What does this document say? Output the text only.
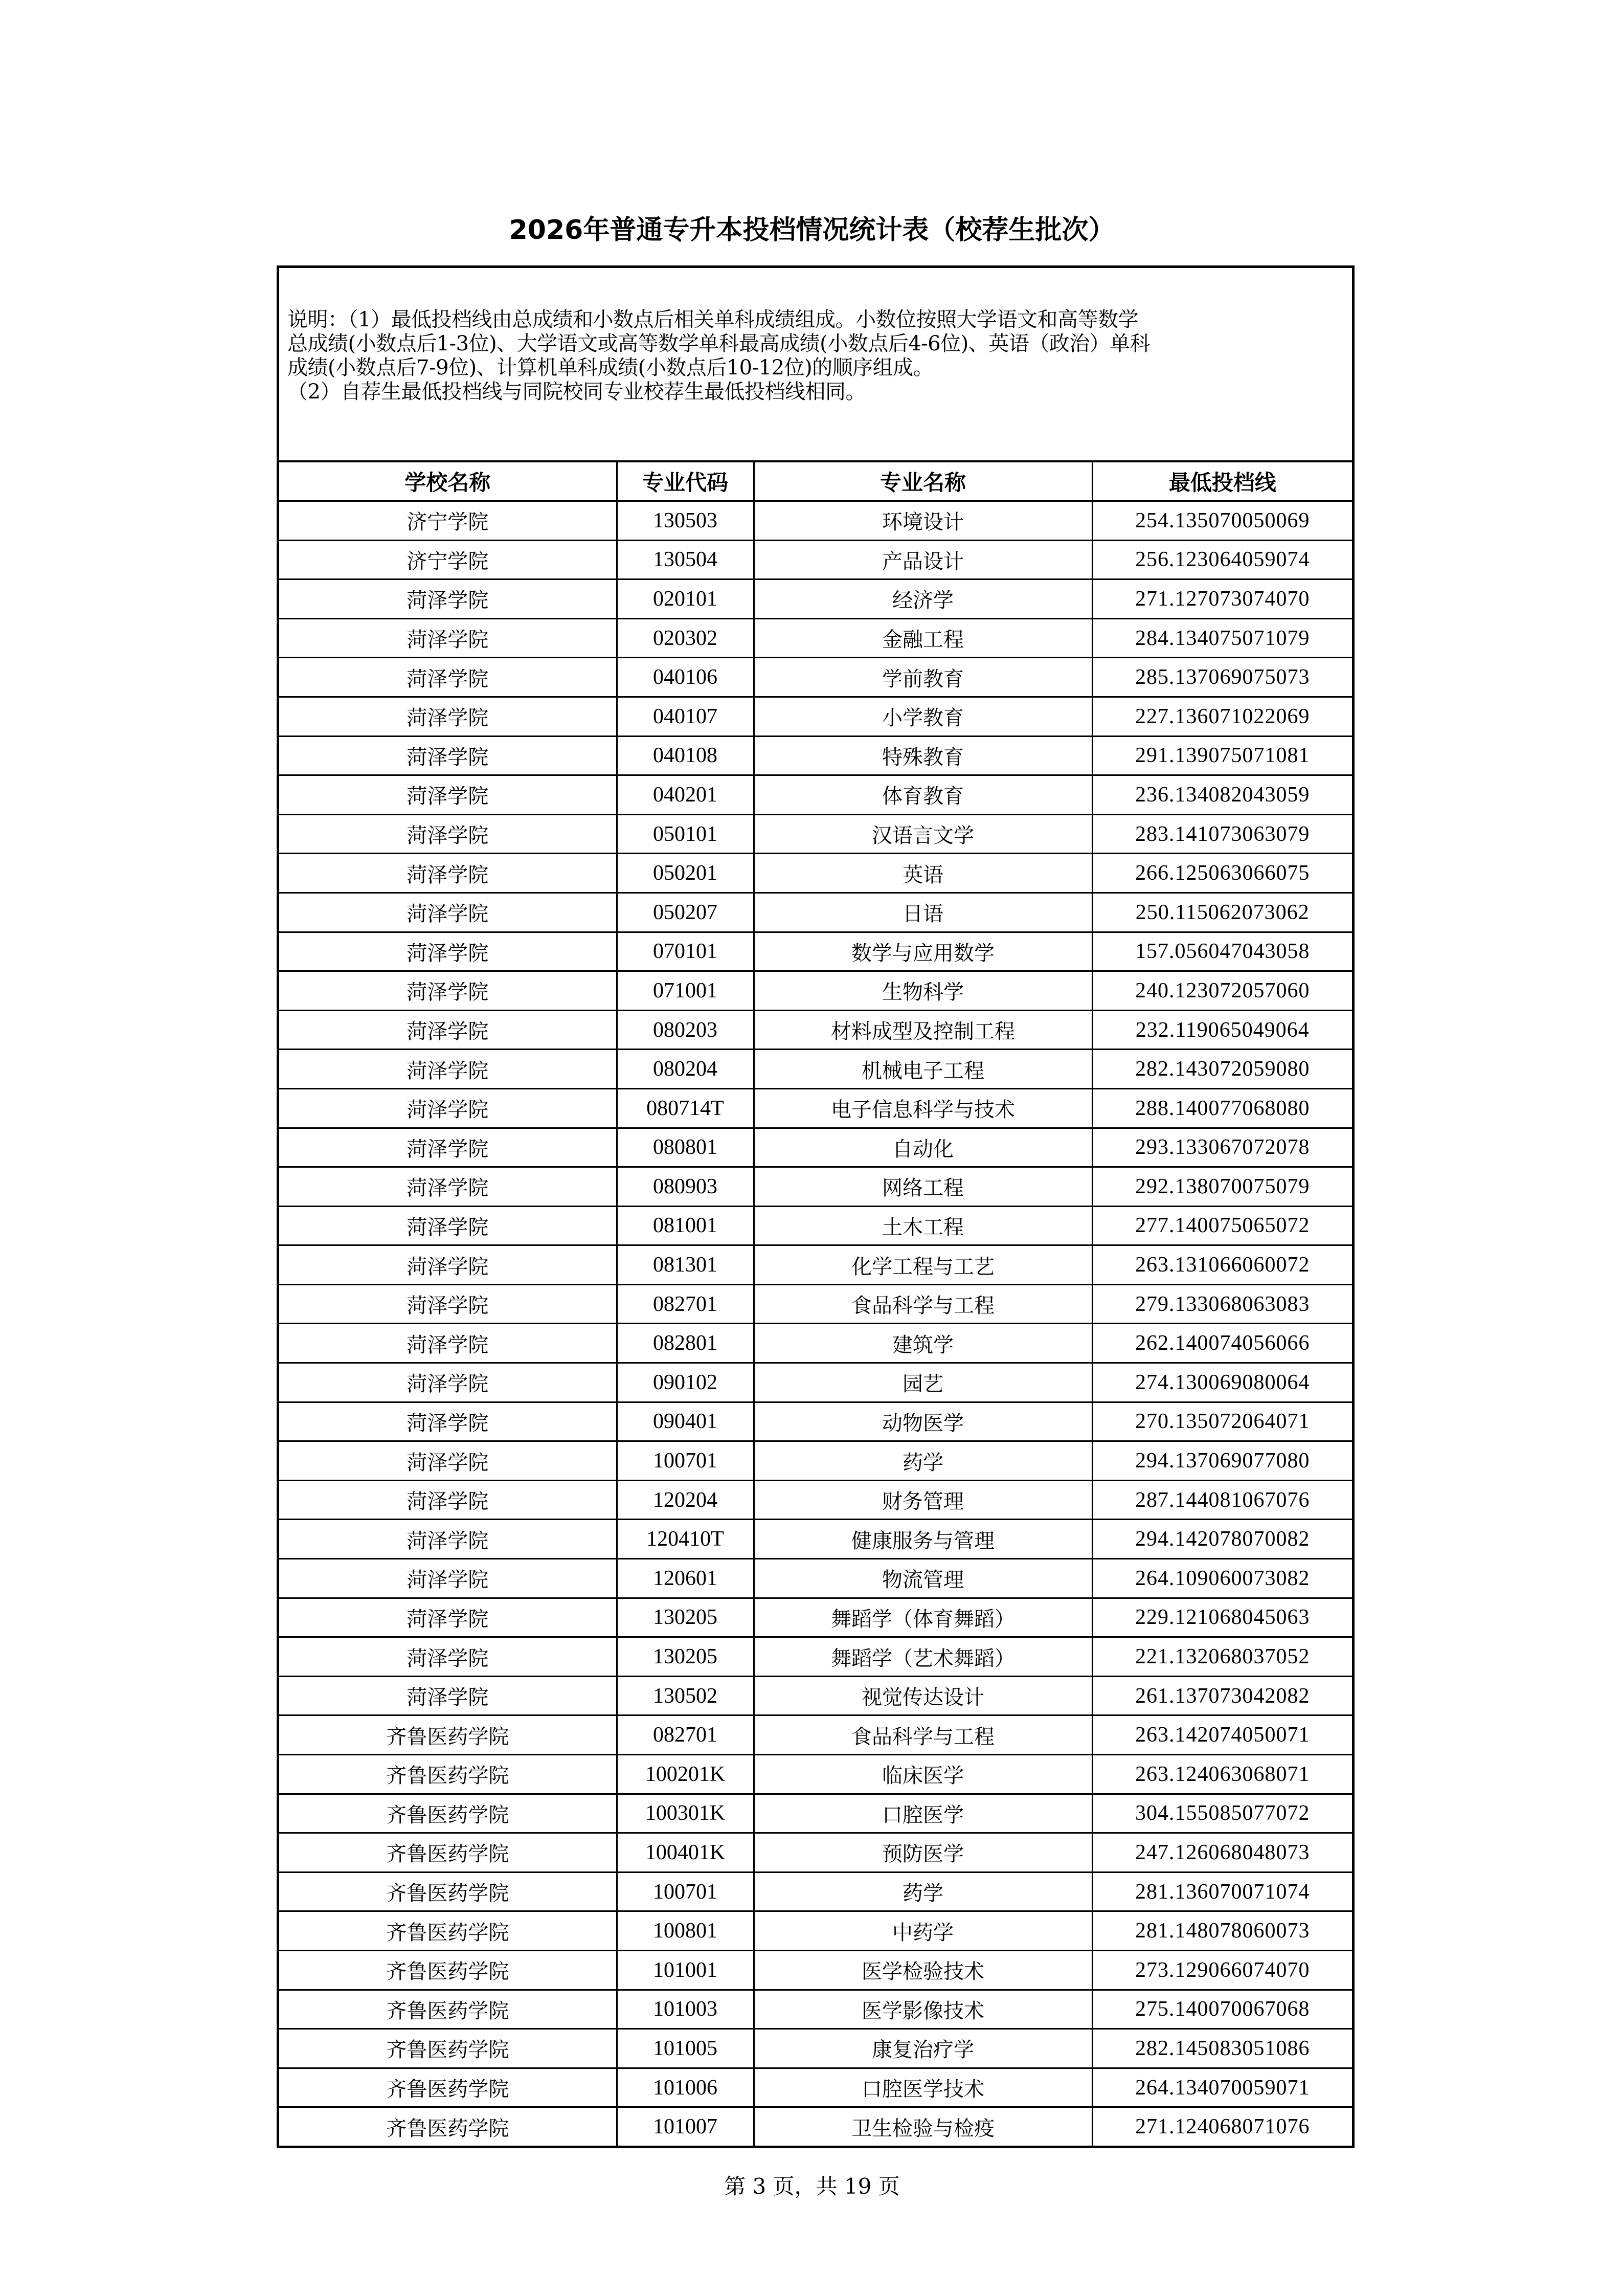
2026年普通专升本投档情况统计表（校荐生批次）
说明：（1）最低投档线由总成绩和小数点后相关单科成绩组成。小数位按照大学语文和高等数学
总成绩(小数点后1-3位)、大学语文或高等数学单科最高成绩(小数点后4-6位)、英语（政治）单科
成绩(小数点后7-9位)、计算机单科成绩(小数点后10-12位)的顺序组成。
（2）自荐生最低投档线与同院校同专业校荐生最低投档线相同。
学校名称	专业代码	专业名称	最低投档线
济宁学院	130503	环境设计	254.135070050069
济宁学院	130504	产品设计	256.123064059074
菏泽学院	020101	经济学	271.127073074070
菏泽学院	020302	金融工程	284.134075071079
菏泽学院	040106	学前教育	285.137069075073
菏泽学院	040107	小学教育	227.136071022069
菏泽学院	040108	特殊教育	291.139075071081
菏泽学院	040201	体育教育	236.134082043059
菏泽学院	050101	汉语言文学	283.141073063079
菏泽学院	050201	英语	266.125063066075
菏泽学院	050207	日语	250.115062073062
菏泽学院	070101	数学与应用数学	157.056047043058
菏泽学院	071001	生物科学	240.123072057060
菏泽学院	080203	材料成型及控制工程	232.119065049064
菏泽学院	080204	机械电子工程	282.143072059080
菏泽学院	080714T	电子信息科学与技术	288.140077068080
菏泽学院	080801	自动化	293.133067072078
菏泽学院	080903	网络工程	292.138070075079
菏泽学院	081001	土木工程	277.140075065072
菏泽学院	081301	化学工程与工艺	263.131066060072
菏泽学院	082701	食品科学与工程	279.133068063083
菏泽学院	082801	建筑学	262.140074056066
菏泽学院	090102	园艺	274.130069080064
菏泽学院	090401	动物医学	270.135072064071
菏泽学院	100701	药学	294.137069077080
菏泽学院	120204	财务管理	287.144081067076
菏泽学院	120410T	健康服务与管理	294.142078070082
菏泽学院	120601	物流管理	264.109060073082
菏泽学院	130205	舞蹈学（体育舞蹈）	229.121068045063
菏泽学院	130205	舞蹈学（艺术舞蹈）	221.132068037052
菏泽学院	130502	视觉传达设计	261.137073042082
齐鲁医药学院	082701	食品科学与工程	263.142074050071
齐鲁医药学院	100201K	临床医学	263.124063068071
齐鲁医药学院	100301K	口腔医学	304.155085077072
齐鲁医药学院	100401K	预防医学	247.126068048073
齐鲁医药学院	100701	药学	281.136070071074
齐鲁医药学院	100801	中药学	281.148078060073
齐鲁医药学院	101001	医学检验技术	273.129066074070
齐鲁医药学院	101003	医学影像技术	275.140070067068
齐鲁医药学院	101005	康复治疗学	282.145083051086
齐鲁医药学院	101006	口腔医学技术	264.134070059071
齐鲁医药学院	101007	卫生检验与检疫	271.124068071076
第 3 页，共 19 页
